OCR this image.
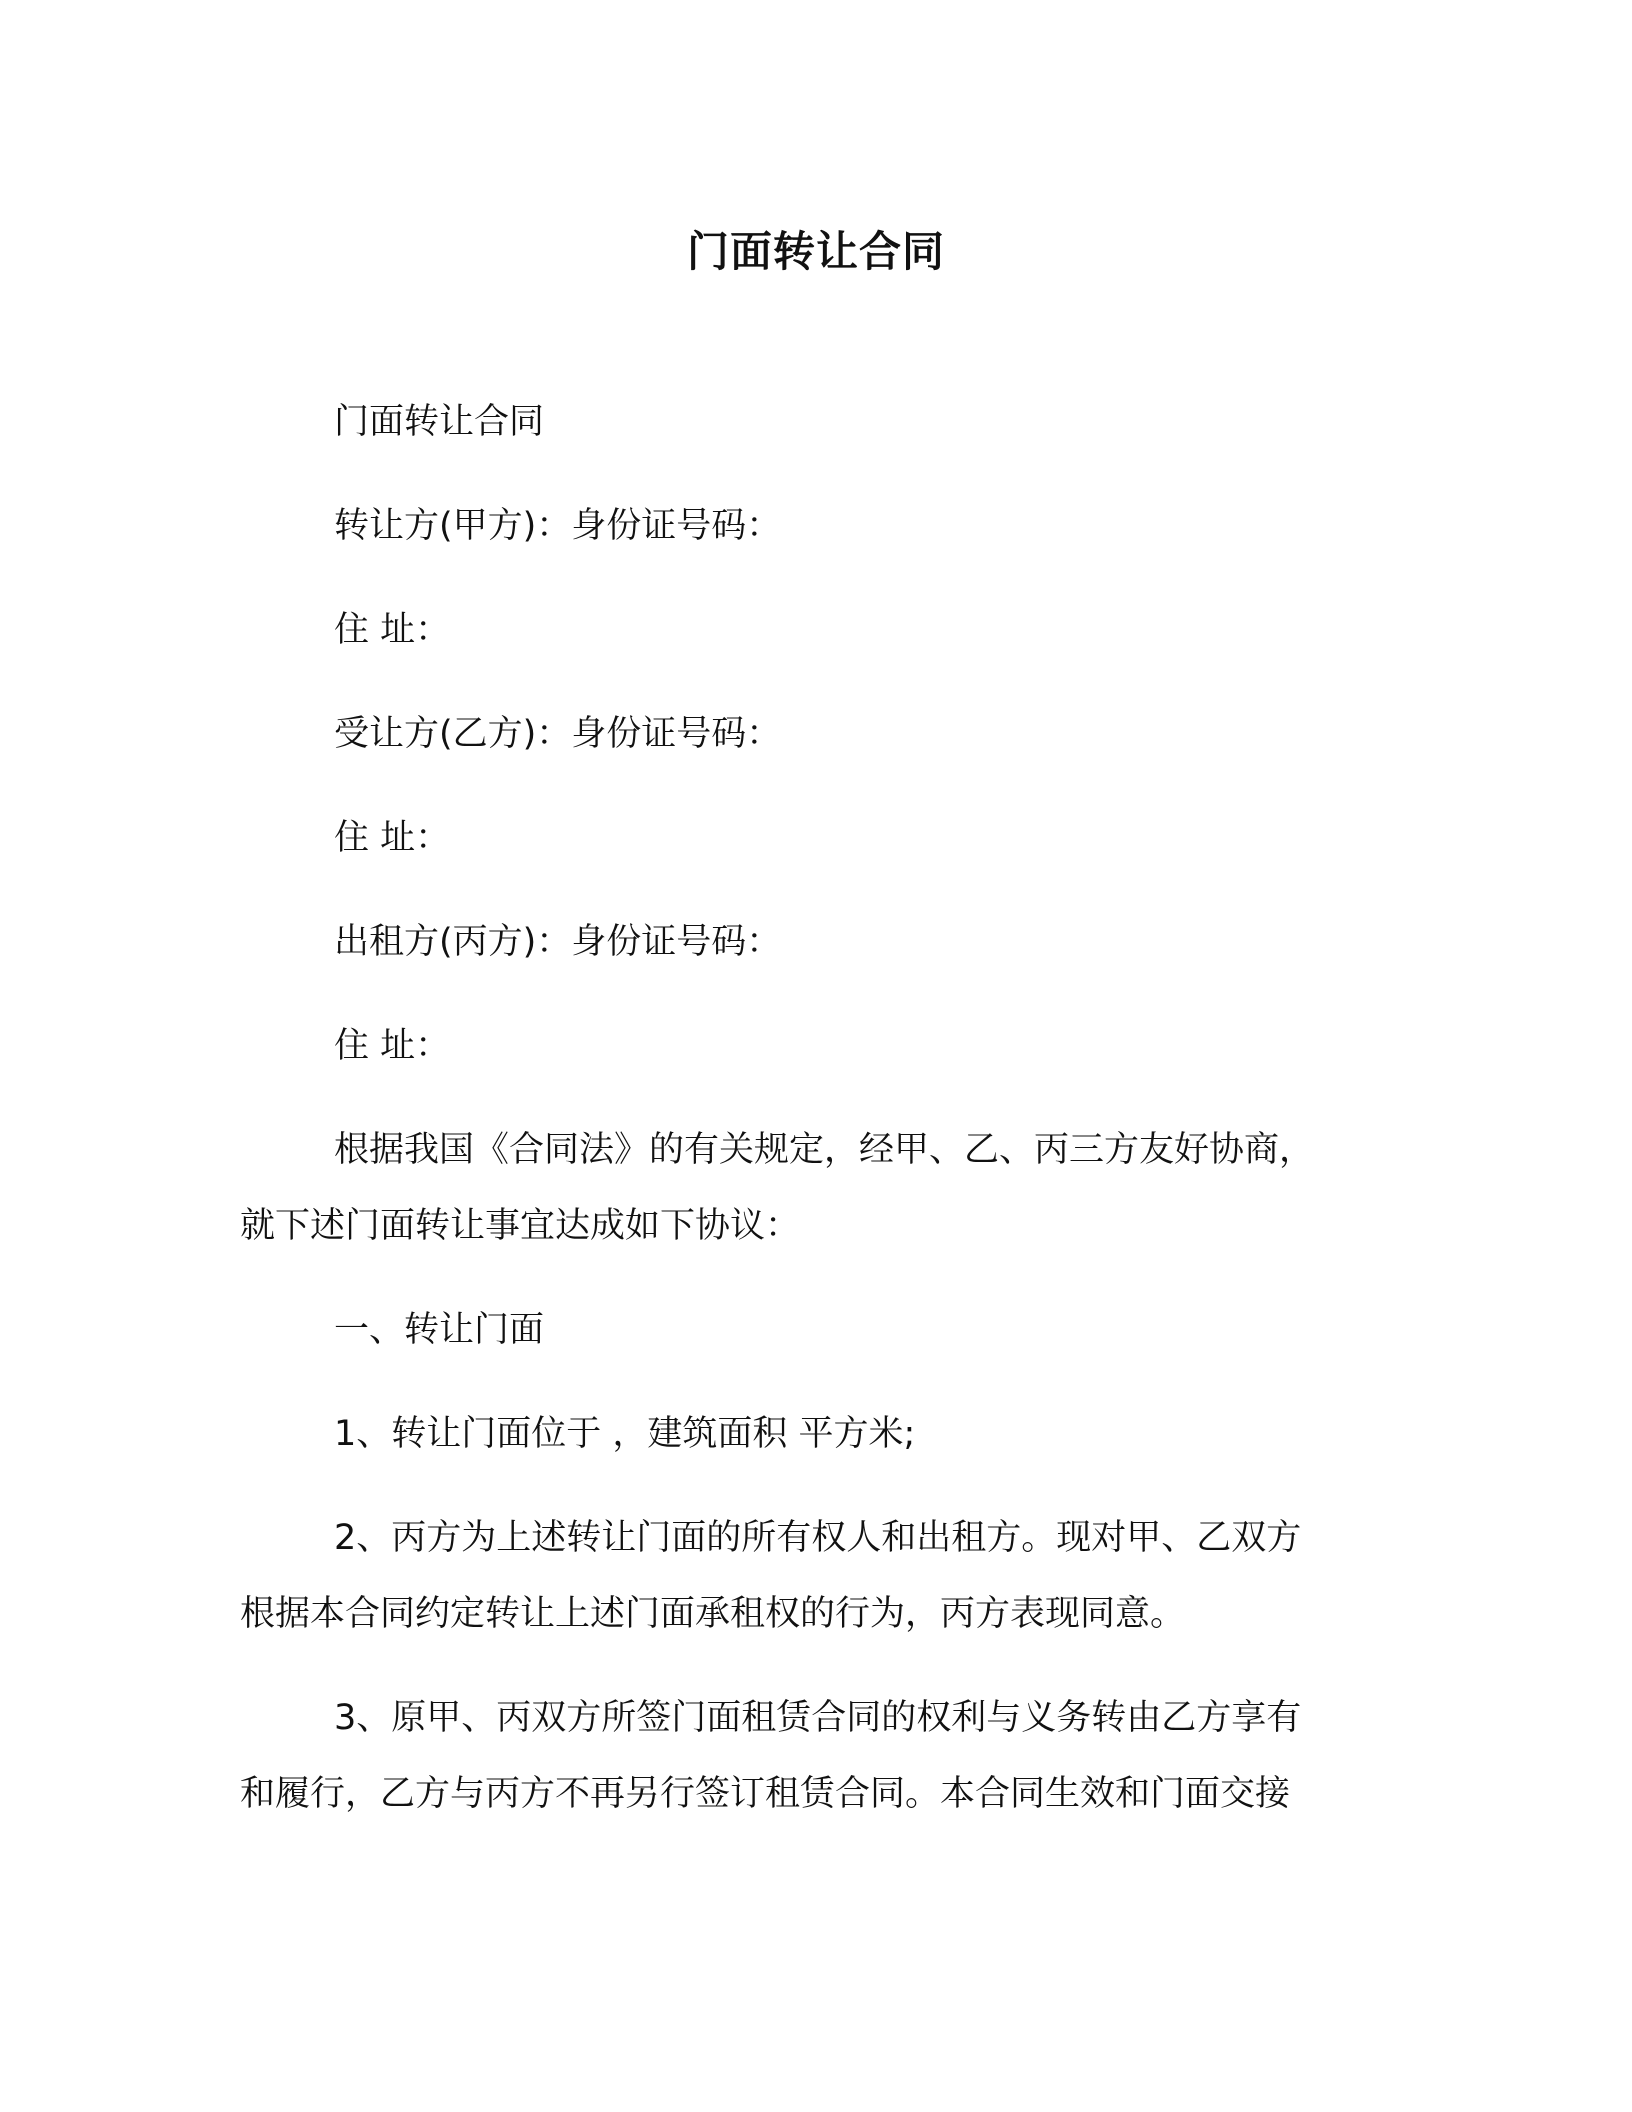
门面转让合同
门面转让合同
转让方(甲方)：身份证号码：
住 址：
受让方(乙方)：身份证号码：
住 址：
出租方(丙方)：身份证号码：
住 址：
根据我国《合同法》的有关规定，经甲、乙、丙三方友好协商，
就下述门面转让事宜达成如下协议：
一、转让门面
1、转让门面位于 ，建筑面积 平方米;
2、丙方为上述转让门面的所有权人和出租方。现对甲、乙双方
根据本合同约定转让上述门面承租权的行为，丙方表现同意。
3、原甲、丙双方所签门面租赁合同的权利与义务转由乙方享有
和履行，乙方与丙方不再另行签订租赁合同。本合同生效和门面交接
